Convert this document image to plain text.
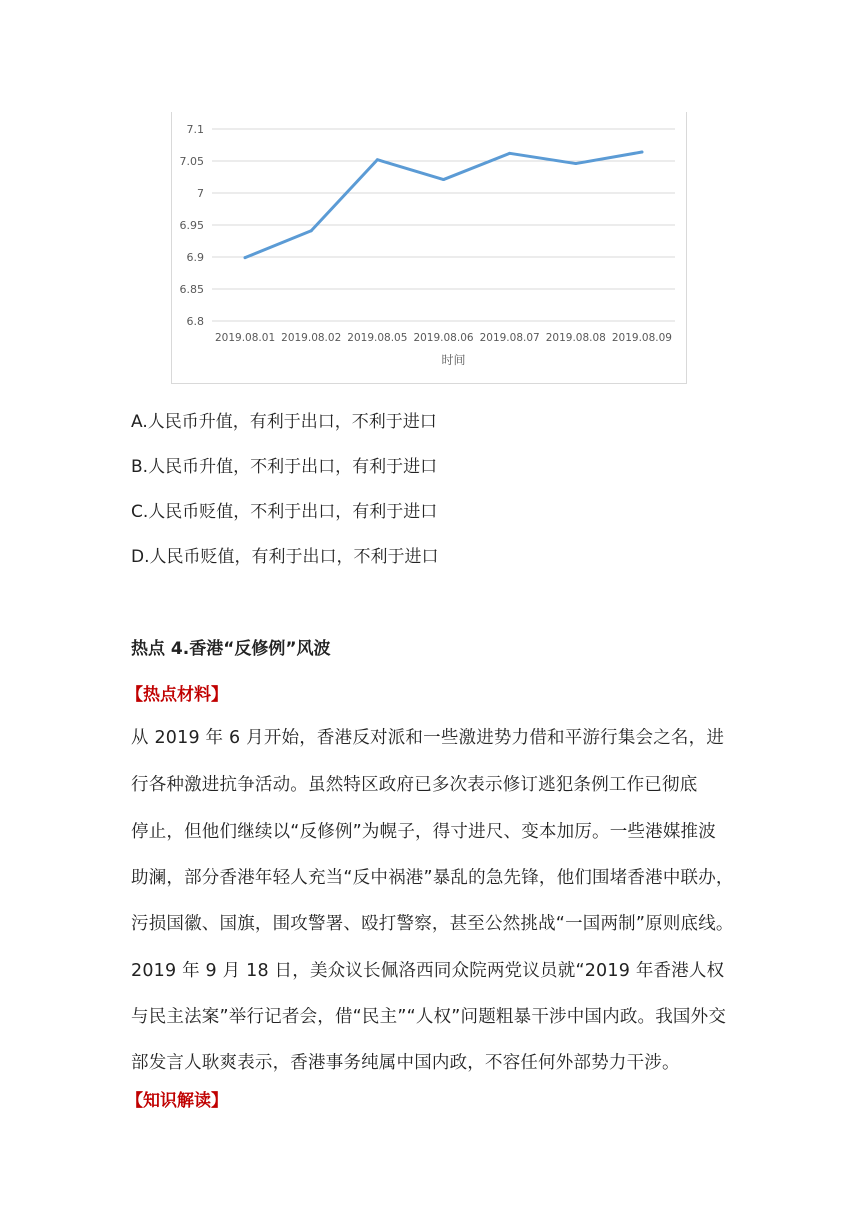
7.1
7.05
7
6.95
6.9
6.85
6.8
2019.08.01 2019.08.02 2019.08.05 2019.08.06 2019.08.07 2019.08.08 2019.08.09
时间
A.人民币升值，有利于出口，不利于进口
B.人民币升值，不利于出口，有利于进口
C.人民币贬值，不利于出口，有利于进口
D.人民币贬值，有利于出口，不利于进口
热点 4.香港“反修例”风波
【热点材料】
从 2019 年 6 月开始，香港反对派和一些激进势力借和平游行集会之名，进
行各种激进抗争活动。虽然特区政府已多次表示修订逃犯条例工作已彻底
停止，但他们继续以“反修例”为幌子，得寸进尺、变本加厉。一些港媒推波
助澜，部分香港年轻人充当“反中祸港”暴乱的急先锋，他们围堵香港中联办，
污损国徽、国旗，围攻警署、殴打警察，甚至公然挑战“一国两制”原则底线。
2019 年 9 月 18 日，美众议长佩洛西同众院两党议员就“2019 年香港人权
与民主法案”举行记者会，借“民主”“人权”问题粗暴干涉中国内政。我国外交
部发言人耿爽表示，香港事务纯属中国内政，不容任何外部势力干涉。
【知识解读】
